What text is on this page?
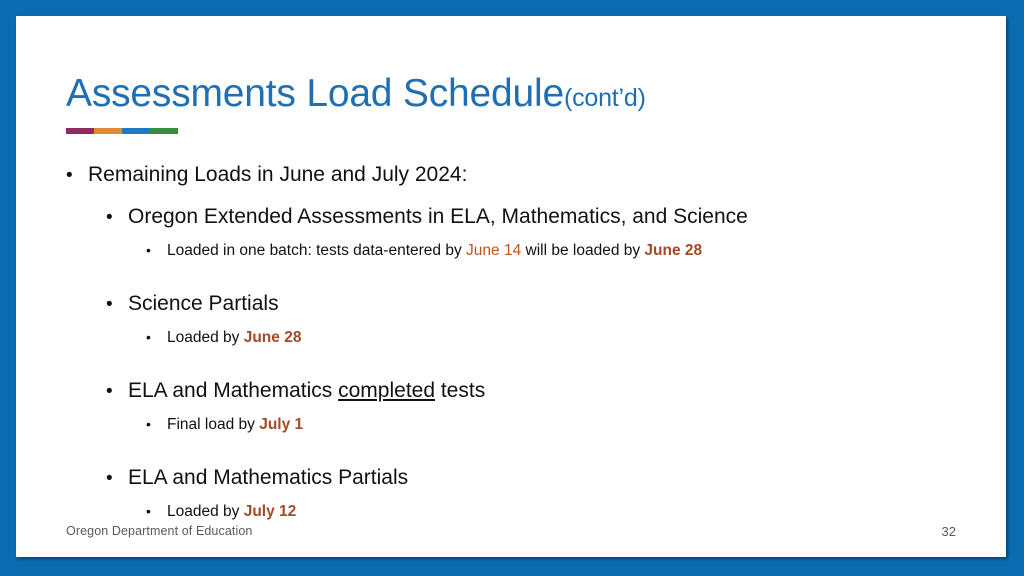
Assessments Load Schedule(cont’d)
• Remaining Loads in June and July 2024:
• Oregon Extended Assessments in ELA, Mathematics, and Science
•	Loaded in one batch: tests data-entered by June 14 will be loaded by June 28
• Science Partials
•	Loaded by June 28
• ELA and Mathematics completed tests
•	Final load by July 1
• ELA and Mathematics Partials
•	Loaded by July 12
Oregon Department of Education	32
